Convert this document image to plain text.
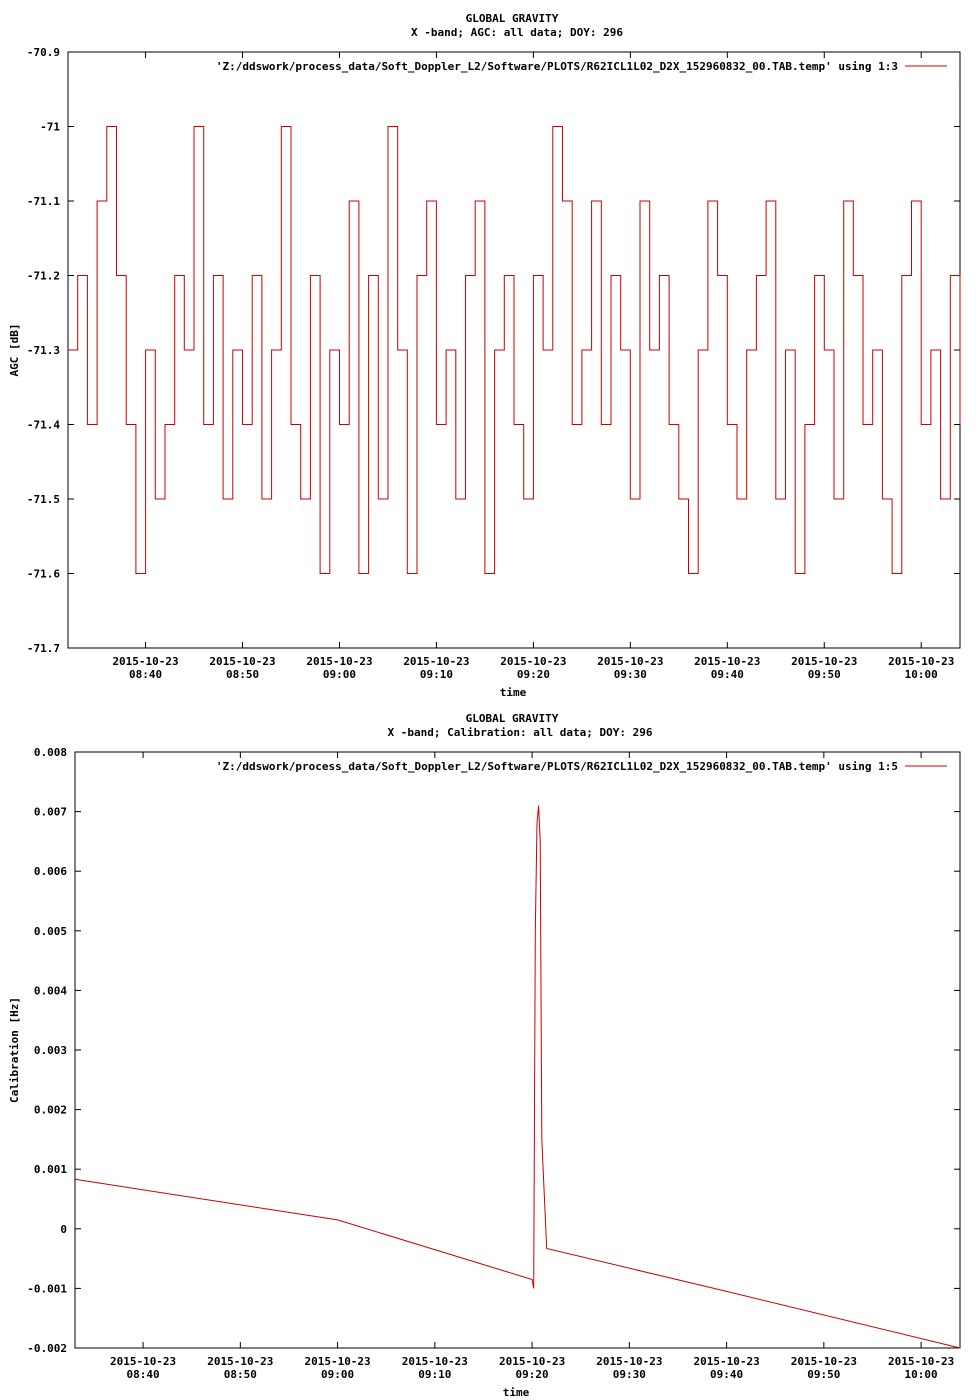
GLOBAL GRAVITY
X -band; AGC: all data; DOY: 296
AGC [dB]
time
-71.7
-71.6
-71.5
-71.4
-71.3
-71.2
-71.1
-71
-70.9
2015-10-23
08:40
2015-10-23
08:50
2015-10-23
09:00
2015-10-23
09:10
2015-10-23
09:20
2015-10-23
09:30
2015-10-23
09:40
2015-10-23
09:50
2015-10-23
10:00
'Z:/ddswork/process_data/Soft_Doppler_L2/Software/PLOTS/R62ICL1L02_D2X_152960832_00.TAB.temp' using 1:3
GLOBAL GRAVITY
X -band; Calibration: all data; DOY: 296
Calibration [Hz]
time
-0.002
-0.001
0
0.001
0.002
0.003
0.004
0.005
0.006
0.007
0.008
2015-10-23
08:40
2015-10-23
08:50
2015-10-23
09:00
2015-10-23
09:10
2015-10-23
09:20
2015-10-23
09:30
2015-10-23
09:40
2015-10-23
09:50
2015-10-23
10:00
'Z:/ddswork/process_data/Soft_Doppler_L2/Software/PLOTS/R62ICL1L02_D2X_152960832_00.TAB.temp' using 1:5
